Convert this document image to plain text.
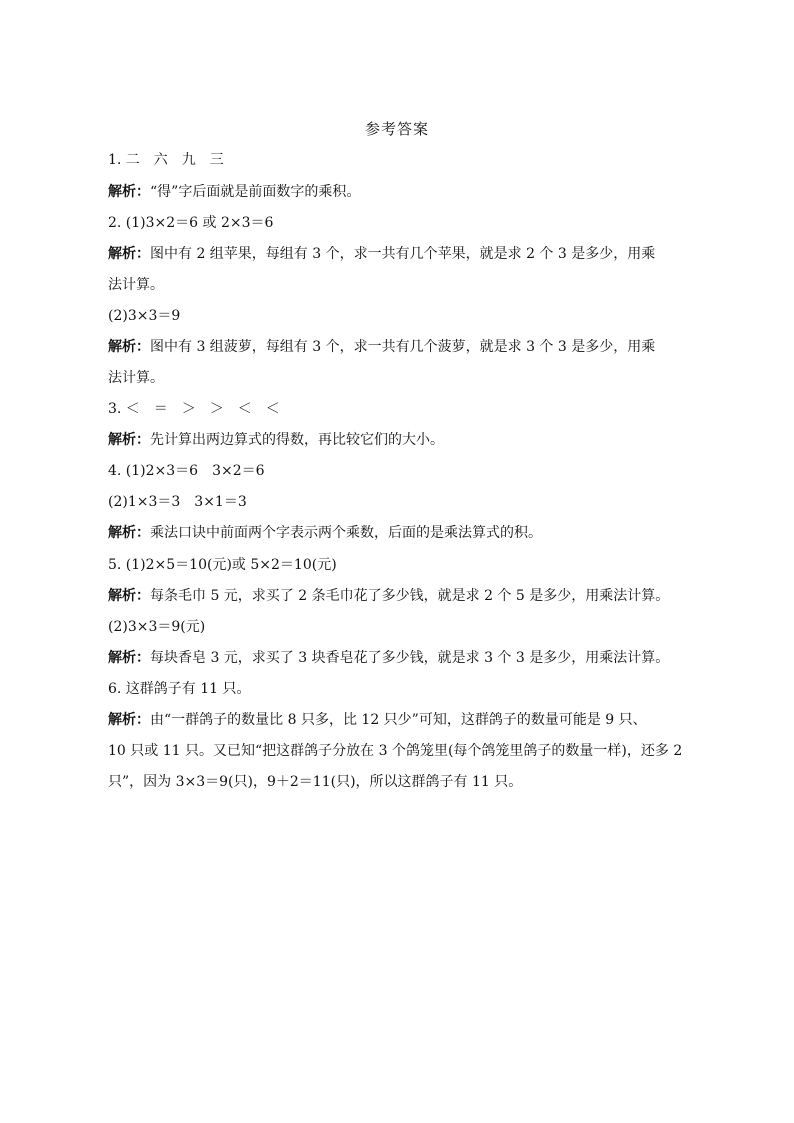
参考答案
1. 二　六　九　三
解析：“得”字后面就是前面数字的乘积。
2. (1)3×2＝6 或 2×3＝6
解析：图中有 2 组苹果，每组有 3 个，求一共有几个苹果，就是求 2 个 3 是多少，用乘
法计算。
(2)3×3＝9
解析：图中有 3 组菠萝，每组有 3 个，求一共有几个菠萝，就是求 3 个 3 是多少，用乘
法计算。
3. ＜　＝　＞　＞　＜　＜
解析：先计算出两边算式的得数，再比较它们的大小。
4. (1)2×3＝6　3×2＝6
(2)1×3＝3　3×1＝3
解析：乘法口诀中前面两个字表示两个乘数，后面的是乘法算式的积。
5. (1)2×5＝10(元)或 5×2＝10(元)
解析：每条毛巾 5 元，求买了 2 条毛巾花了多少钱，就是求 2 个 5 是多少，用乘法计算。
(2)3×3＝9(元)
解析：每块香皂 3 元，求买了 3 块香皂花了多少钱，就是求 3 个 3 是多少，用乘法计算。
6. 这群鸽子有 11 只。
解析：由“一群鸽子的数量比 8 只多，比 12 只少”可知，这群鸽子的数量可能是 9 只、
10 只或 11 只。又已知“把这群鸽子分放在 3 个鸽笼里(每个鸽笼里鸽子的数量一样)，还多 2
只”，因为 3×3＝9(只)，9＋2＝11(只)，所以这群鸽子有 11 只。
